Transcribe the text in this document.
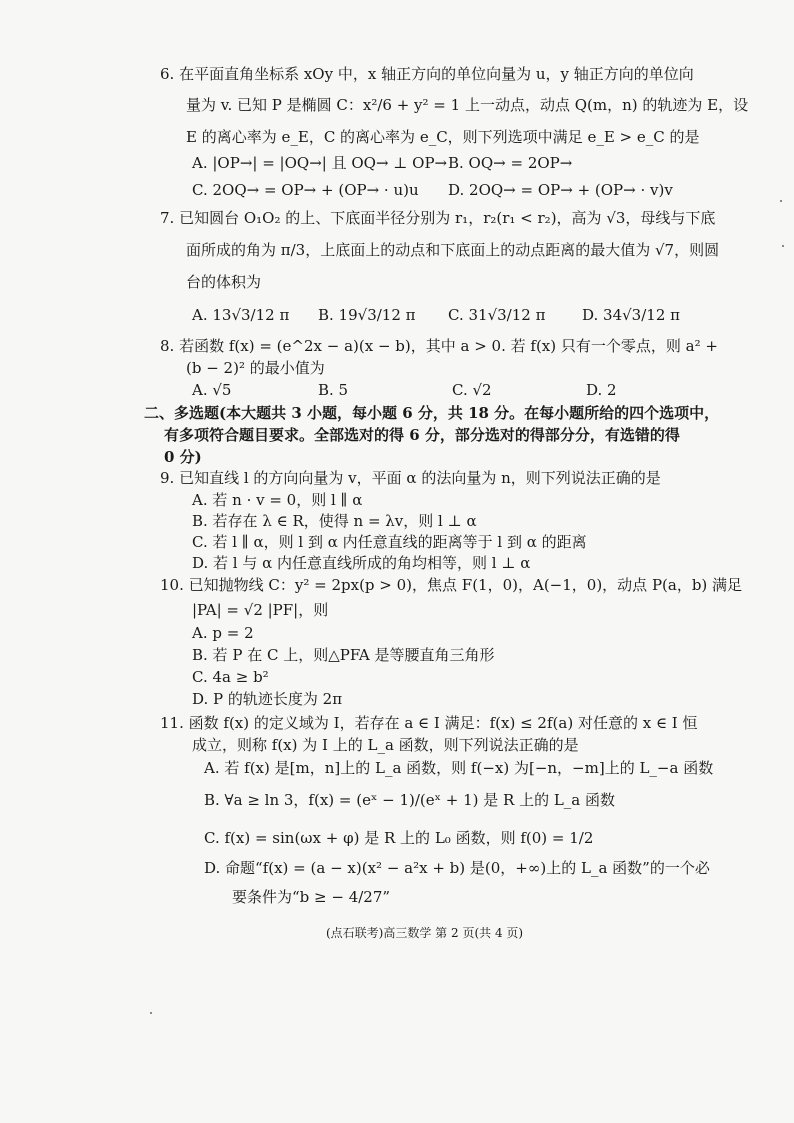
6. 在平面直角坐标系 xOy 中，x 轴正方向的单位向量为 u，y 轴正方向的单位向
量为 v. 已知 P 是椭圆 C：x²/6 + y² = 1 上一动点，动点 Q(m，n) 的轨迹为 E，设
E 的离心率为 e_E，C 的离心率为 e_C，则下列选项中满足 e_E > e_C 的是
A. |OP→| = |OQ→| 且 OQ→ ⊥ OP→ B. OQ→ = 2OP→
C. 2OQ→ = OP→ + (OP→ · u)u D. 2OQ→ = OP→ + (OP→ · v)v
7. 已知圆台 O₁O₂ 的上、下底面半径分别为 r₁，r₂(r₁ < r₂)，高为 √3，母线与下底
面所成的角为 π/3，上底面上的动点和下底面上的动点距离的最大值为 √7，则圆
台的体积为
A. 13√3/12 π B. 19√3/12 π C. 31√3/12 π D. 34√3/12 π
8. 若函数 f(x) = (e^2x − a)(x − b)，其中 a > 0. 若 f(x) 只有一个零点，则 a² +
(b − 2)² 的最小值为
A. √5	B. 5	C. √2	D. 2
二、多选题(本大题共 3 小题，每小题 6 分，共 18 分。在每小题所给的四个选项中，
有多项符合题目要求。全部选对的得 6 分，部分选对的得部分分，有选错的得
0 分)
9. 已知直线 l 的方向向量为 v，平面 α 的法向量为 n，则下列说法正确的是
A. 若 n · v = 0，则 l ∥ α
B. 若存在 λ ∈ R，使得 n = λv，则 l ⊥ α
C. 若 l ∥ α，则 l 到 α 内任意直线的距离等于 l 到 α 的距离
D. 若 l 与 α 内任意直线所成的角均相等，则 l ⊥ α
10. 已知抛物线 C：y² = 2px(p > 0)，焦点 F(1，0)，A(−1，0)，动点 P(a，b) 满足
|PA| = √2 |PF|，则
A. p = 2
B. 若 P 在 C 上，则△PFA 是等腰直角三角形
C. 4a ≥ b²
D. P 的轨迹长度为 2π
11. 函数 f(x) 的定义域为 I，若存在 a ∈ I 满足：f(x) ≤ 2f(a) 对任意的 x ∈ I 恒
成立，则称 f(x) 为 I 上的 L_a 函数，则下列说法正确的是
A. 若 f(x) 是[m，n]上的 L_a 函数，则 f(−x) 为[−n，−m]上的 L_−a 函数
B. ∀a ≥ ln 3，f(x) = (eˣ − 1)/(eˣ + 1) 是 R 上的 L_a 函数
C. f(x) = sin(ωx + φ) 是 R 上的 L₀ 函数，则 f(0) = 1/2
D. 命题“f(x) = (a − x)(x² − a²x + b) 是(0，+∞)上的 L_a 函数”的一个必
要条件为“b ≥ − 4/27”
(点石联考)高三数学 第 2 页(共 4 页)
